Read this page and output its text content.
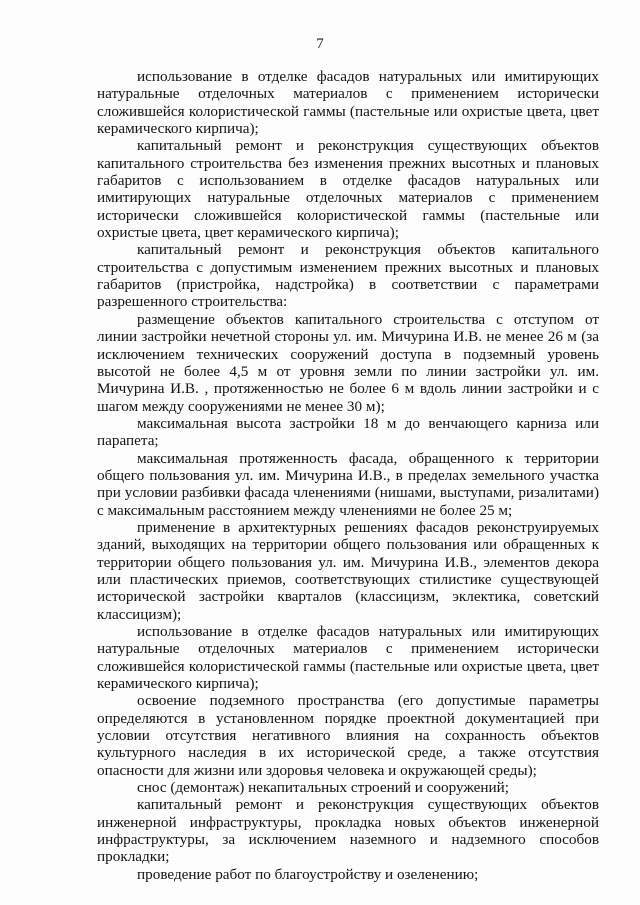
7

использование в отделке фасадов натуральных или имитирующих натуральные отделочных материалов с применением исторически сложившейся колористической гаммы (пастельные или охристые цвета, цвет керамического кирпича);

капитальный ремонт и реконструкция существующих объектов капитального строительства без изменения прежних высотных и плановых габаритов с использованием в отделке фасадов натуральных или имитирующих натуральные отделочных материалов с применением исторически сложившейся колористической гаммы (пастельные или охристые цвета, цвет керамического кирпича);

капитальный ремонт и реконструкция объектов капитального строительства с допустимым изменением прежних высотных и плановых габаритов (пристройка, надстройка) в соответствии с параметрами разрешенного строительства:

размещение объектов капитального строительства с отступом от линии застройки нечетной стороны ул. им. Мичурина И.В. не менее 26 м (за исключением технических сооружений доступа в подземный уровень высотой не более 4,5 м от уровня земли по линии застройки ул. им. Мичурина И.В. , протяженностью не более 6 м вдоль линии застройки и с шагом между сооружениями не менее 30 м);

максимальная высота застройки 18 м до венчающего карниза или парапета;

максимальная протяженность фасада, обращенного к территории общего пользования ул. им. Мичурина И.В., в пределах земельного участка при условии разбивки фасада членениями (нишами, выступами, ризалитами) с максимальным расстоянием между членениями не более 25 м;

применение в архитектурных решениях фасадов реконструируемых зданий, выходящих на территории общего пользования или обращенных к территории общего пользования ул. им. Мичурина И.В., элементов декора или пластических приемов, соответствующих стилистике существующей исторической застройки кварталов (классицизм, эклектика, советский классицизм);

использование в отделке фасадов натуральных или имитирующих натуральные отделочных материалов с применением исторически сложившейся колористической гаммы (пастельные или охристые цвета, цвет керамического кирпича);

освоение подземного пространства (его допустимые параметры определяются в установленном порядке проектной документацией при условии отсутствия негативного влияния на сохранность объектов культурного наследия в их исторической среде, а также отсутствия опасности для жизни или здоровья человека и окружающей среды);

снос (демонтаж) некапитальных строений и сооружений;

капитальный ремонт и реконструкция существующих объектов инженерной инфраструктуры, прокладка новых объектов инженерной инфраструктуры, за исключением наземного и надземного способов прокладки;

проведение работ по благоустройству и озеленению;
